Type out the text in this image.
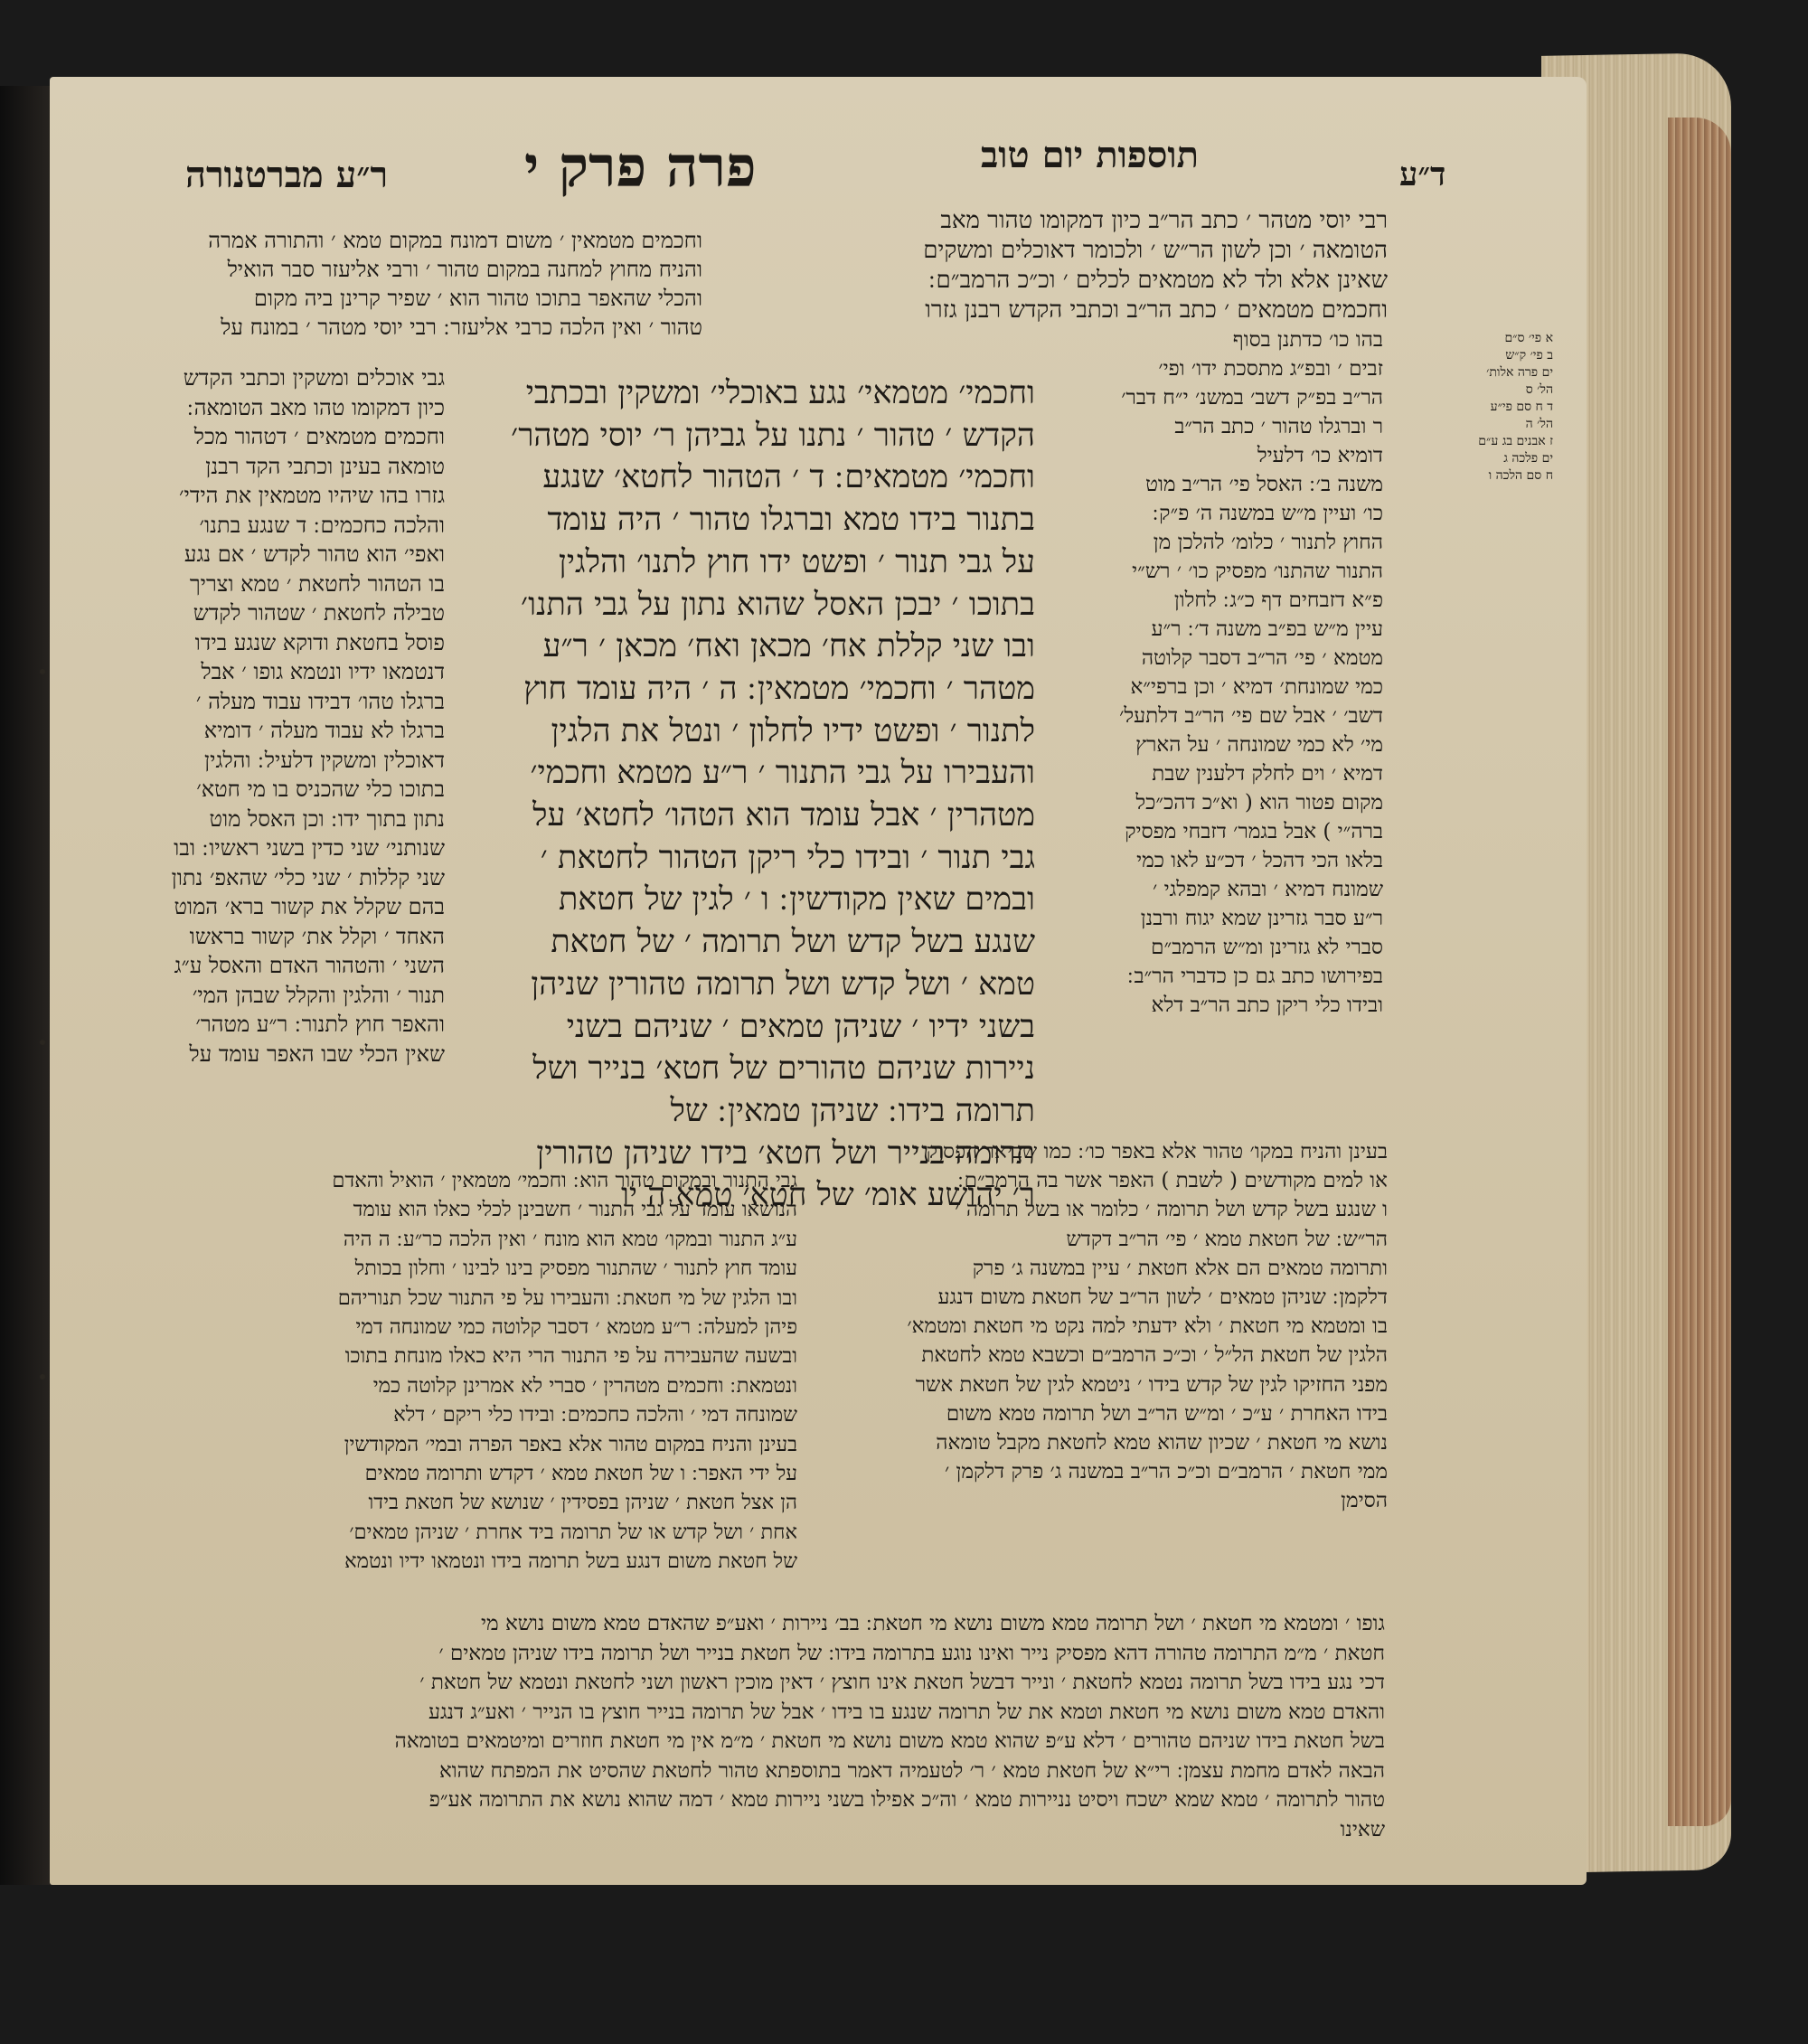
ד״ע
תוספות יום טוב
פרה פרק י
ר״ע מברטנורה
רבי יוסי מטהר ׳ כתב הר״ב כיון דמקומו טהור מאב
הטומאה ׳ וכן לשון הר״ש ׳ ולכומר דאוכלים ומשקים
שאינן אלא ולד לא מטמאים לכלים ׳ וכ״כ הרמב״ם ׃
וחכמים מטמאים ׳ כתב הר״ב וכתבי הקדש רבנן גזרו
וחכמים מטמאין ׳ משום דמונח במקום טמא ׳ והתורה אמרה
והניח מחוץ למחנה במקום טהור ׳ ורבי אליעזר סבר הואיל
והכלי שהאפר בתוכו טהור הוא ׳ שפיר קרינן ביה מקום
טהור ׳ ואין הלכה כרבי אליעזר ׃ רבי יוסי מטהר ׳ במונח על
וחכמי׳ מטמאי׳ נגע באוכלי׳ ומשקין ובכתבי
הקדש ׳ טהור ׳ נתנו על גביהן ר׳ יוסי מטהר׳
וחכמי׳ מטמאים ׃ ד ׳ הטהור לחטא׳ שנגע
בתנור בידו טמא וברגלו טהור ׳ היה עומד
על גבי תנור ׳ ופשט ידו חוץ לתנו׳ והלגין
בתוכו ׳ יבכן האסל שהוא נתון על גבי התנו׳
ובו שני קללת אח׳ מכאן ואח׳ מכאן ׳ ר״ע
מטהר ׳ וחכמי׳ מטמאין ׃ ה ׳ היה עומד חוץ
לתנור ׳ ופשט ידיו לחלון ׳ ונטל את הלגין
והעבירו על גבי התנור ׳ ר״ע מטמא וחכמי׳
מטהרין ׳ אבל עומד הוא הטהו׳ לחטא׳ על
גבי תנור ׳ ובידו כלי ריקן הטהור לחטאת ׳
ובמים שאין מקודשין ׃ ו ׳ לגין של חטאת
שנגע בשל קדש ושל תרומה ׳ של חטאת
טמא ׳ ושל קדש ושל תרומה טהורין שניהן
בשני ידיו ׳ שניהן טמאים ׳ שניהם בשני
ניירות שניהם טהורים של חטא׳ בנייר ושל
תרומה בידו ׃ שניהן טמאין ׃ של
תרומה בנייר ושל חטא׳ בידו שניהן טהורין
ר׳ יהושע אומ׳ של חטא׳ טמא ה יו
גבי אוכלים ומשקין וכתבי הקדש
כיון דמקומו טהו מאב הטומאה ׃
וחכמים מטמאים ׳ דטהור מכל
טומאה בעינן וכתבי הקד רבנן
גזרו בהו שיהיו מטמאין את הידי׳
והלכה כחכמים ׃ ד שנגע בתנו׳
ואפי׳ הוא טהור לקדש ׳ אם נגע
בו הטהור לחטאת ׳ טמא וצריך
טבילה לחטאת ׳ שטהור לקדש
פוסל בחטאת ודוקא שנגע בידו
דנטמאו ידיו ונטמא גופו ׳ אבל
ברגלו טהו׳ דבידו עבוד מעלה ׳
ברגלו לא עבוד מעלה ׳ דומיא
דאוכלין ומשקין דלעיל ׃ והלגין
בתוכו כלי שהכניס בו מי חטא׳
נתון בתוך ידו ׃ וכן האסל מוט
שנותני׳ שני כדין בשני ראשיו ׃ ובו
שני קללות ׳ שני כלי׳ שהאפ׳ נתון
בהם שקלל את קשור ברא׳ המוט
האחד ׳ וקלל את׳ קשור בראשו
השני ׳ והטהור האדם והאסל ע״ג
תנור ׳ והלגין והקלל שבהן המי׳
והאפר חוץ לתנור ׃ ר״ע מטהר׳
שאין הכלי שבו האפר עומד על
בהו כו׳ כדתנן בסוף
זבים ׳ ובפ״ג מתסכת ידו׳ ופי׳
הר״ב בפ״ק דשב׳ במשנ׳ י״ח דבר׳
ר וברגלו טהור ׳ כתב הר״ב
דומיא כו׳ דלעיל
משנה ב׳ ׃ האסל פי׳ הר״ב מוט
כו׳ ועיין מ״ש במשנה ה׳ פ״ק ׃
החוץ לתנור ׳ כלומ׳ להלכן מן
התנור שהתנו׳ מפסיק כו׳ ׳ רש״י
פ״א דזבחים דף כ״ג ׃ לחלון
עיין מ״ש בפ״ב משנה ד׳ ׃ ר״ע
מטמא ׳ פי׳ הר״ב דסבר קלוטה
כמי שמונחת׳ דמיא ׳ וכן ברפי״א
דשב׳ ׳ אבל שם פי׳ הר״ב דלתעל׳
מי׳ לא כמי שמונחה ׳ על הארץ
דמיא ׳ וים לחלק דלענין שבת
מקום פטור הוא ( וא״כ דהכ״כל
ברה״י ) אבל בגמר׳ דזבחי מפסיק
בלאו הכי דהכל ׳ דכ״ע לאו כמי
שמונח דמיא ׳ ובהא קמפלגי ׳
ר״ע סבר גזרינן שמא יגוח ורבנן
סברי לא גזרינן ומ״ש הרמב״ם
בפירושו כתב גם כן כדברי הר״ב ׃
ובידו כלי ריקן כתב הר״ב דלא
בעינן והניח במקו׳ טהור אלא באפר כו׳ ׃ כמו שביאר הפסוק ׳
או למים מקודשים ( לשבת ) האפר אשר בה הרמב״ם ׃
ו שנגע בשל קדש ושל תרומה ׳ כלומר או בשל תרומה ׳
הר״ש ׃ של חטאת טמא ׳ פי׳ הר״ב דקדש
ותרומה טמאים הם אלא חטאת ׳ עיין במשנה ג׳ פרק
דלקמן ׃ שניהן טמאים ׳ לשון הר״ב של חטאת משום דנגע
בו ומטמא מי חטאת ׳ ולא ידעתי למה נקט מי חטאת ומטמא׳
הלגין של חטאת הל״ל ׳ וכ״כ הרמב״ם וכשבא טמא לחטאת
מפני החזיקו לגין של קדש בידו ׳ ניטמא לגין של חטאת אשר
בידו האחרת ׳ ע״כ ׳ ומ״ש הר״ב ושל תרומה טמא משום
נושא מי חטאת ׳ שכיון שהוא טמא לחטאת מקבל טומאה
ממי חטאת ׳ הרמב״ם וכ״כ הר״ב במשנה ג׳ פרק דלקמן ׳
הסימן
גבי התנור ובמקום טהור הוא ׃ וחכמי׳ מטמאין ׳ הואיל והאדם
הנושאו עומד על גבי התנור ׳ חשבינן לכלי כאלו הוא עומד
ע״ג התנור ובמקו׳ טמא הוא מונח ׳ ואין הלכה כר״ע ׃ ה היה
עומד חוץ לתנור ׳ שהתנור מפסיק בינו לבינו ׳ וחלון בכותל
ובו הלגין של מי חטאת ׃ והעבירו על פי התנור שכל תנוריהם
פיהן למעלה ׃ ר״ע מטמא ׳ דסבר קלוטה כמי שמונחה דמי
ובשעה שהעבירה על פי התנור הרי היא כאלו מונחת בתוכו
ונטמאת ׃ וחכמים מטהרין ׳ סברי לא אמרינן קלוטה כמי
שמונחה דמי ׳ והלכה כחכמים ׃ ובידו כלי ריקם ׳ דלא
בעינן והניח במקום טהור אלא באפר הפרה ובמי׳ המקודשין
על ידי האפר ׃ ו של חטאת טמא ׳ דקדש ותרומה טמאים
הן אצל חטאת ׳ שניהן בפסידין ׳ שנושא של חטאת בידו
אחת ׳ ושל קדש או של תרומה ביד אחרת ׳ שניהן טמאים׳
של חטאת משום דנגע בשל תרומה בידו ונטמאו ידיו ונטמא
גופו ׳ ומטמא מי חטאת ׳ ושל תרומה טמא משום נושא מי חטאת ׃ בב׳ ניירות ׳ ואע״פ שהאדם טמא משום נושא מי
חטאת ׳ מ״מ התרומה טהורה דהא מפסיק נייר ואינו נוגע בתרומה בידו ׃ של חטאת בנייר ושל תרומה בידו שניהן טמאים ׳
דכי נגע בידו בשל תרומה נטמא לחטאת ׳ ונייר דבשל חטאת אינו חוצץ ׳ דאין מוכין ראשון ושני לחטאת ונטמא של חטאת ׳
והאדם טמא משום נושא מי חטאת וטמא את של תרומה שנגע בו בידו ׳ אבל של תרומה בנייר חוצץ בו הנייר ׳ ואע״ג דנגע
בשל חטאת בידו שניהם טהורים ׳ דלא ע״פ שהוא טמא משום נושא מי חטאת ׳ מ״מ אין מי חטאת חוזרים ומיטמאים בטומאה
הבאה לאדם מחמת עצמן ׃ רי״א של חטאת טמא ׳ ר׳ לטעמיה דאמר בתוספתא טהור לחטאת שהסיט את המפתח שהוא
טהור לתרומה ׳ טמא שמא ישכח ויסיט נניירות טמא ׳ וה״כ אפילו בשני ניירות טמא ׳ דמה שהוא נושא את התרומה אע״פ
שאינו
א פי׳ ס״ם
ב פי׳ ק״ש
ים פרה אלות׳
הל׳ ס
ד ח סם פי״ע
הל׳ ה
ז אבנים בג ע״ם
ים פלכה ג
ח סם הלכה ו
